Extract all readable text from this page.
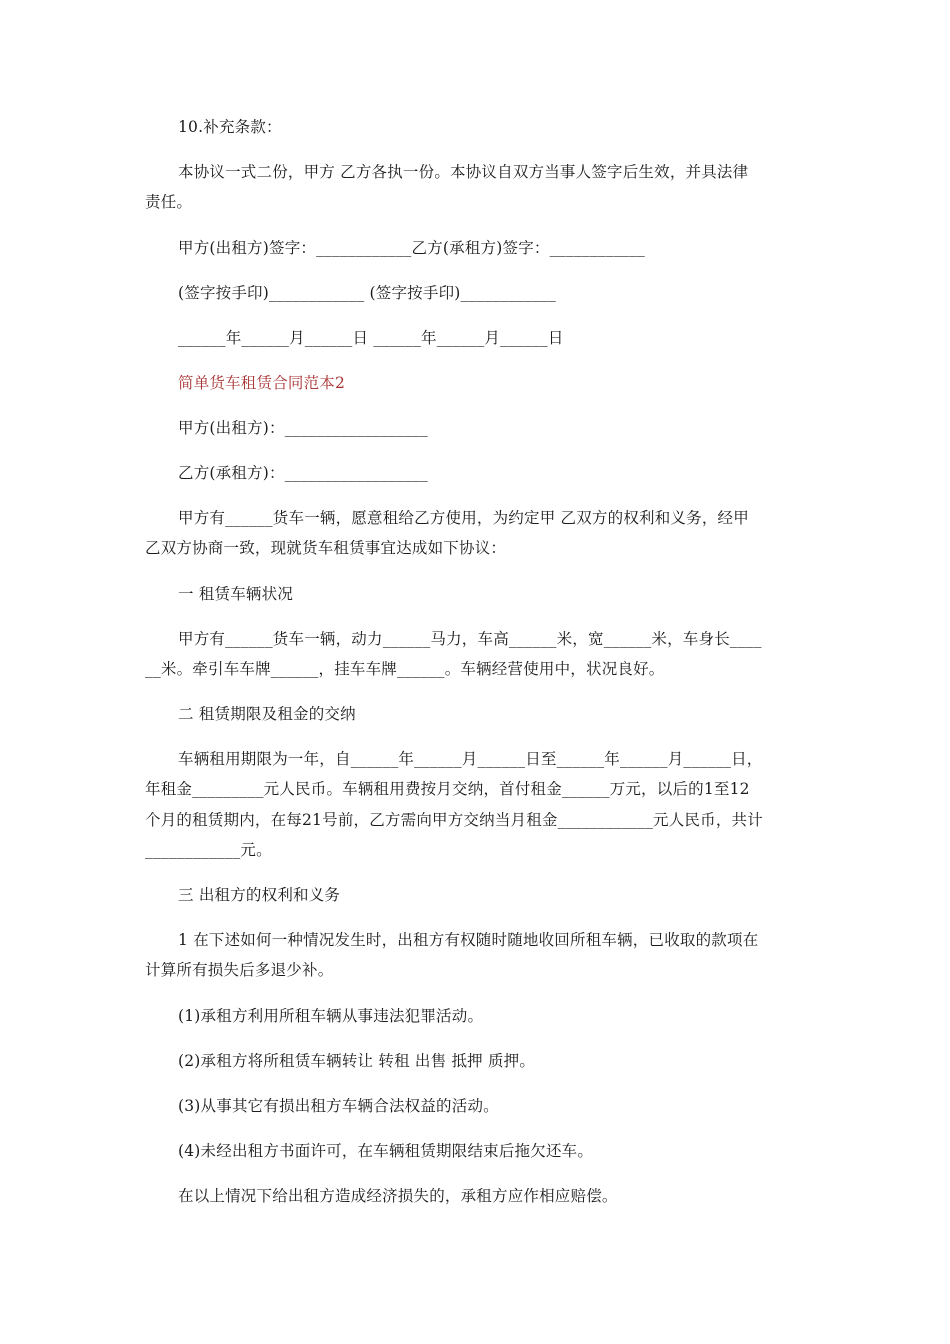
10.补充条款：
本协议一式二份，甲方 乙方各执一份。本协议自双方当事人签字后生效，并具法律
责任。
甲方(出租方)签字：____________乙方(承租方)签字：____________
(签字按手印)____________ (签字按手印)____________
______年______月______日 ______年______月______日
简单货车租赁合同范本2
甲方(出租方)：__________________
乙方(承租方)：__________________
甲方有______货车一辆，愿意租给乙方使用，为约定甲 乙双方的权利和义务，经甲
乙双方协商一致，现就货车租赁事宜达成如下协议：
一 租赁车辆状况
甲方有______货车一辆，动力______马力，车高______米，宽______米，车身长____
__米。牵引车车牌______，挂车车牌______。车辆经营使用中，状况良好。
二 租赁期限及租金的交纳
车辆租用期限为一年，自______年______月______日至______年______月______日，
年租金_________元人民币。车辆租用费按月交纳，首付租金______万元，以后的1至12
个月的租赁期内，在每21号前，乙方需向甲方交纳当月租金____________元人民币，共计
____________元。
三 出租方的权利和义务
1 在下述如何一种情况发生时，出租方有权随时随地收回所租车辆，已收取的款项在
计算所有损失后多退少补。
(1)承租方利用所租车辆从事违法犯罪活动。
(2)承租方将所租赁车辆转让 转租 出售 抵押 质押。
(3)从事其它有损出租方车辆合法权益的活动。
(4)未经出租方书面许可，在车辆租赁期限结束后拖欠还车。
在以上情况下给出租方造成经济损失的，承租方应作相应赔偿。
